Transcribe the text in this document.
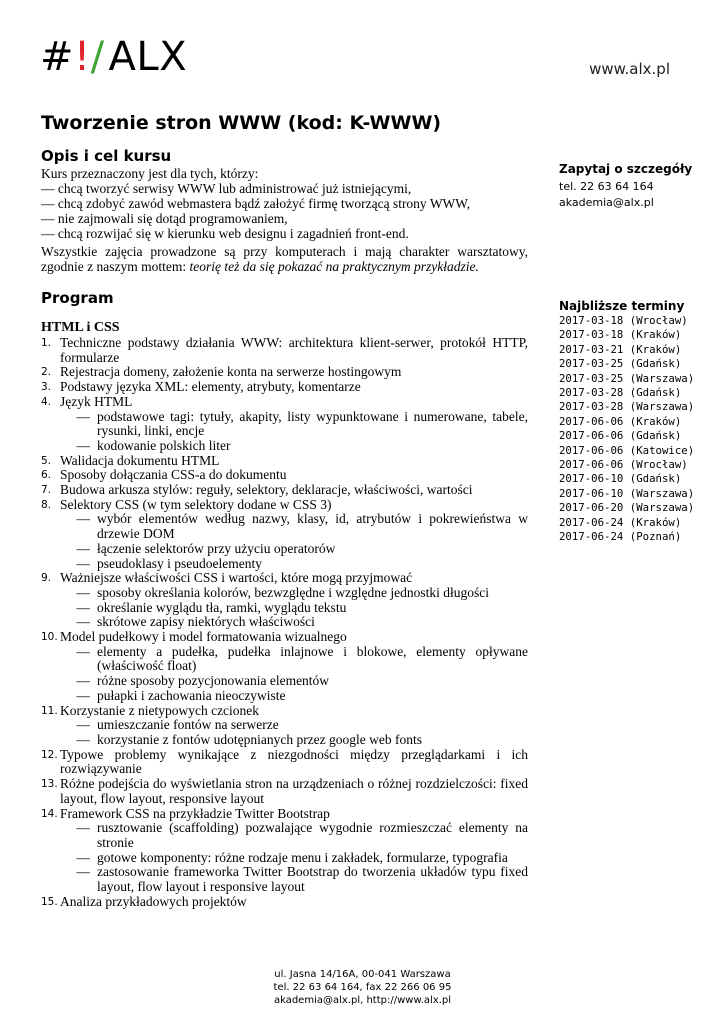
#!/ ALX	www.alx.pl
Tworzenie stron WWW (kod: K-WWW)
Opis i cel kursu
Kurs przeznaczony jest dla tych, którzy:
— chcą tworzyć serwisy WWW lub administrować już istniejącymi,
— chcą zdobyć zawód webmastera bądź założyć firmę tworzącą strony WWW,
— nie zajmowali się dotąd programowaniem,
— chcą rozwijać się w kierunku web designu i zagadnień front-end.
Wszystkie zajęcia prowadzone są przy komputerach i mają charakter warsztatowy, zgodnie z naszym mottem: teorię też da się pokazać na praktycznym przykładzie.
Program
HTML i CSS
1. Techniczne podstawy działania WWW: architektura klient-serwer, protokół HTTP, formularze
2. Rejestracja domeny, założenie konta na serwerze hostingowym
3. Podstawy języka XML: elementy, atrybuty, komentarze
4. Język HTML
— podstawowe tagi: tytuły, akapity, listy wypunktowane i numerowane, tabele, rysunki, linki, encje
— kodowanie polskich liter
5. Walidacja dokumentu HTML
6. Sposoby dołączania CSS-a do dokumentu
7. Budowa arkusza stylów: reguły, selektory, deklaracje, właściwości, wartości
8. Selektory CSS (w tym selektory dodane w CSS 3)
— wybór elementów według nazwy, klasy, id, atrybutów i pokrewieństwa w drzewie DOM
— łączenie selektorów przy użyciu operatorów
— pseudoklasy i pseudoelementy
9. Ważniejsze właściwości CSS i wartości, które mogą przyjmować
— sposoby określania kolorów, bezwzględne i względne jednostki długości
— określanie wyglądu tła, ramki, wyglądu tekstu
— skrótowe zapisy niektórych właściwości
10. Model pudełkowy i model formatowania wizualnego
— elementy a pudełka, pudełka inlajnowe i blokowe, elementy opływane (właściwość float)
— różne sposoby pozycjonowania elementów
— pułapki i zachowania nieoczywiste
11. Korzystanie z nietypowych czcionek
— umieszczanie fontów na serwerze
— korzystanie z fontów udotępnianych przez google web fonts
12. Typowe problemy wynikające z niezgodności między przeglądarkami i ich rozwiązywanie
13. Różne podejścia do wyświetlania stron na urządzeniach o różnej rozdzielczości: fixed layout, flow layout, responsive layout
14. Framework CSS na przykładzie Twitter Bootstrap
— rusztowanie (scaffolding) pozwalające wygodnie rozmieszczać elementy na stronie
— gotowe komponenty: różne rodzaje menu i zakładek, formularze, typografia
— zastosowanie frameworka Twitter Bootstrap do tworzenia układów typu fixed layout, flow layout i responsive layout
15. Analiza przykładowych projektów
Zapytaj o szczegóły
tel. 22 63 64 164
akademia@alx.pl
Najbliższe terminy
2017-03-18 (Wrocław)
2017-03-18 (Kraków)
2017-03-21 (Kraków)
2017-03-25 (Gdańsk)
2017-03-25 (Warszawa)
2017-03-28 (Gdańsk)
2017-03-28 (Warszawa)
2017-06-06 (Kraków)
2017-06-06 (Gdańsk)
2017-06-06 (Katowice)
2017-06-06 (Wrocław)
2017-06-10 (Gdańsk)
2017-06-10 (Warszawa)
2017-06-20 (Warszawa)
2017-06-24 (Kraków)
2017-06-24 (Poznań)
ul. Jasna 14/16A, 00-041 Warszawa
tel. 22 63 64 164, fax 22 266 06 95
akademia@alx.pl, http://www.alx.pl
